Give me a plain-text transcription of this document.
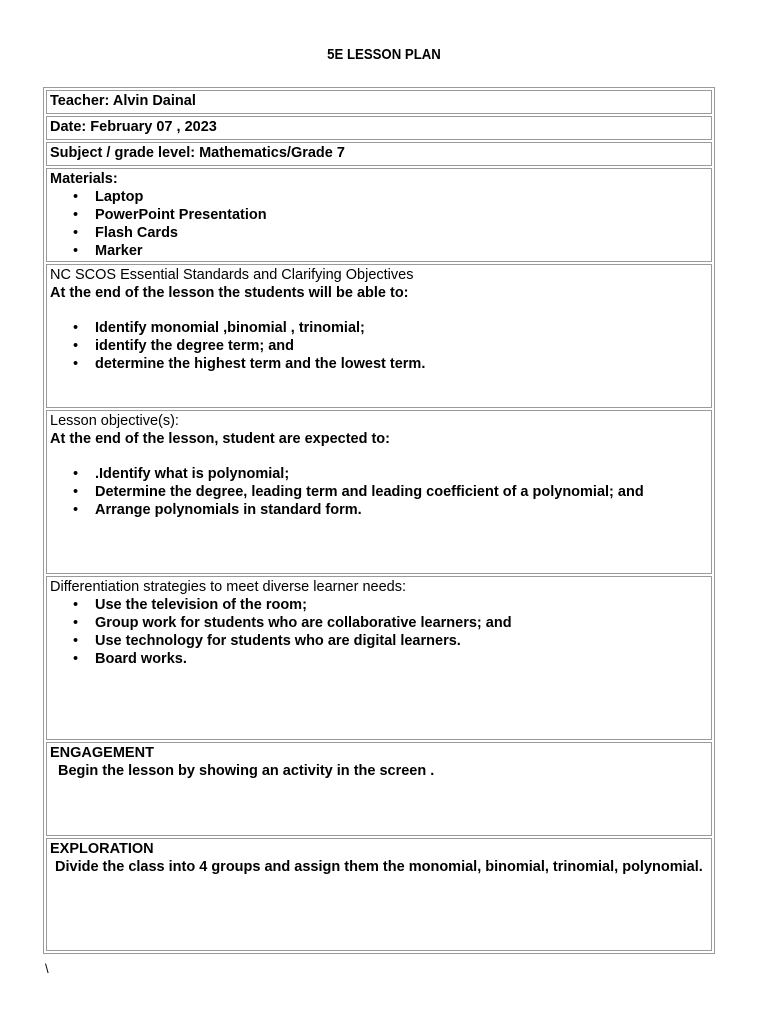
5E LESSON PLAN
Teacher: Alvin Dainal
Date: February 07 , 2023
Subject / grade level: Mathematics/Grade 7
Materials:
• Laptop
• PowerPoint Presentation
• Flash Cards
• Marker
NC SCOS Essential Standards and Clarifying Objectives
At the end of the lesson the students will be able to:
• Identify monomial ,binomial , trinomial;
• identify the degree term; and
• determine the highest term and the lowest term.
Lesson objective(s):
At the end of the lesson, student are expected to:
• .Identify what is polynomial;
• Determine the degree, leading term and leading coefficient of a polynomial; and
• Arrange polynomials in standard form.
Differentiation strategies to meet diverse learner needs:
• Use the television of the room;
• Group work for students who are collaborative learners; and
• Use technology for students who are digital learners.
• Board works.
ENGAGEMENT
Begin the lesson by showing an activity in the screen .
EXPLORATION
Divide the class into 4 groups and assign them the monomial, binomial, trinomial, polynomial.
\
